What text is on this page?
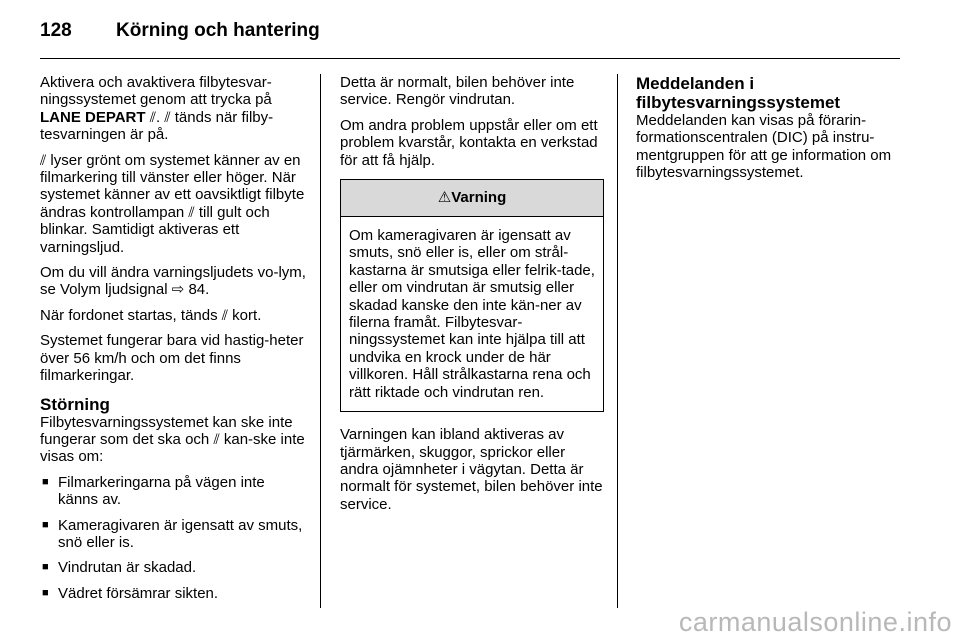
128 Körning och hantering

Aktivera och avaktivera filbytesvar-ningssystemet genom att trycka på LANE DEPART ⫽. ⫽ tänds när filby-tesvarningen är på.

⫽ lyser grönt om systemet känner av en filmarkering till vänster eller höger. När systemet känner av ett oavsiktligt filbyte ändras kontrollampan ⫽ till gult och blinkar. Samtidigt aktiveras ett varningsljud.

Om du vill ändra varningsljudets vo-lym, se Volym ljudsignal ⇨ 84.

När fordonet startas, tänds ⫽ kort.

Systemet fungerar bara vid hastig-heter över 56 km/h och om det finns filmarkeringar.

Störning

Filbytesvarningssystemet kan ske inte fungerar som det ska och ⫽ kan-ske inte visas om:

■ Filmarkeringarna på vägen inte känns av.
■ Kameragivaren är igensatt av smuts, snö eller is.
■ Vindrutan är skadad.
■ Vädret försämrar sikten.

Detta är normalt, bilen behöver inte service. Rengör vindrutan.

Om andra problem uppstår eller om ett problem kvarstår, kontakta en verkstad för att få hjälp.

⚠Varning
Om kameragivaren är igensatt av smuts, snö eller is, eller om strål-kastarna är smutsiga eller felrik-tade, eller om vindrutan är smutsig eller skadad kanske den inte kän-ner av filerna framåt. Filbytesvar-ningssystemet kan inte hjälpa till att undvika en krock under de här villkoren. Håll strålkastarna rena och rätt riktade och vindrutan ren.

Varningen kan ibland aktiveras av tjärmärken, skuggor, sprickor eller andra ojämnheter i vägytan. Detta är normalt för systemet, bilen behöver inte service.

Meddelanden i filbytesvarningssystemet

Meddelanden kan visas på förarin-formationscentralen (DIC) på instru-mentgruppen för att ge information om filbytesvarningssystemet.

carmanualsonline.info
